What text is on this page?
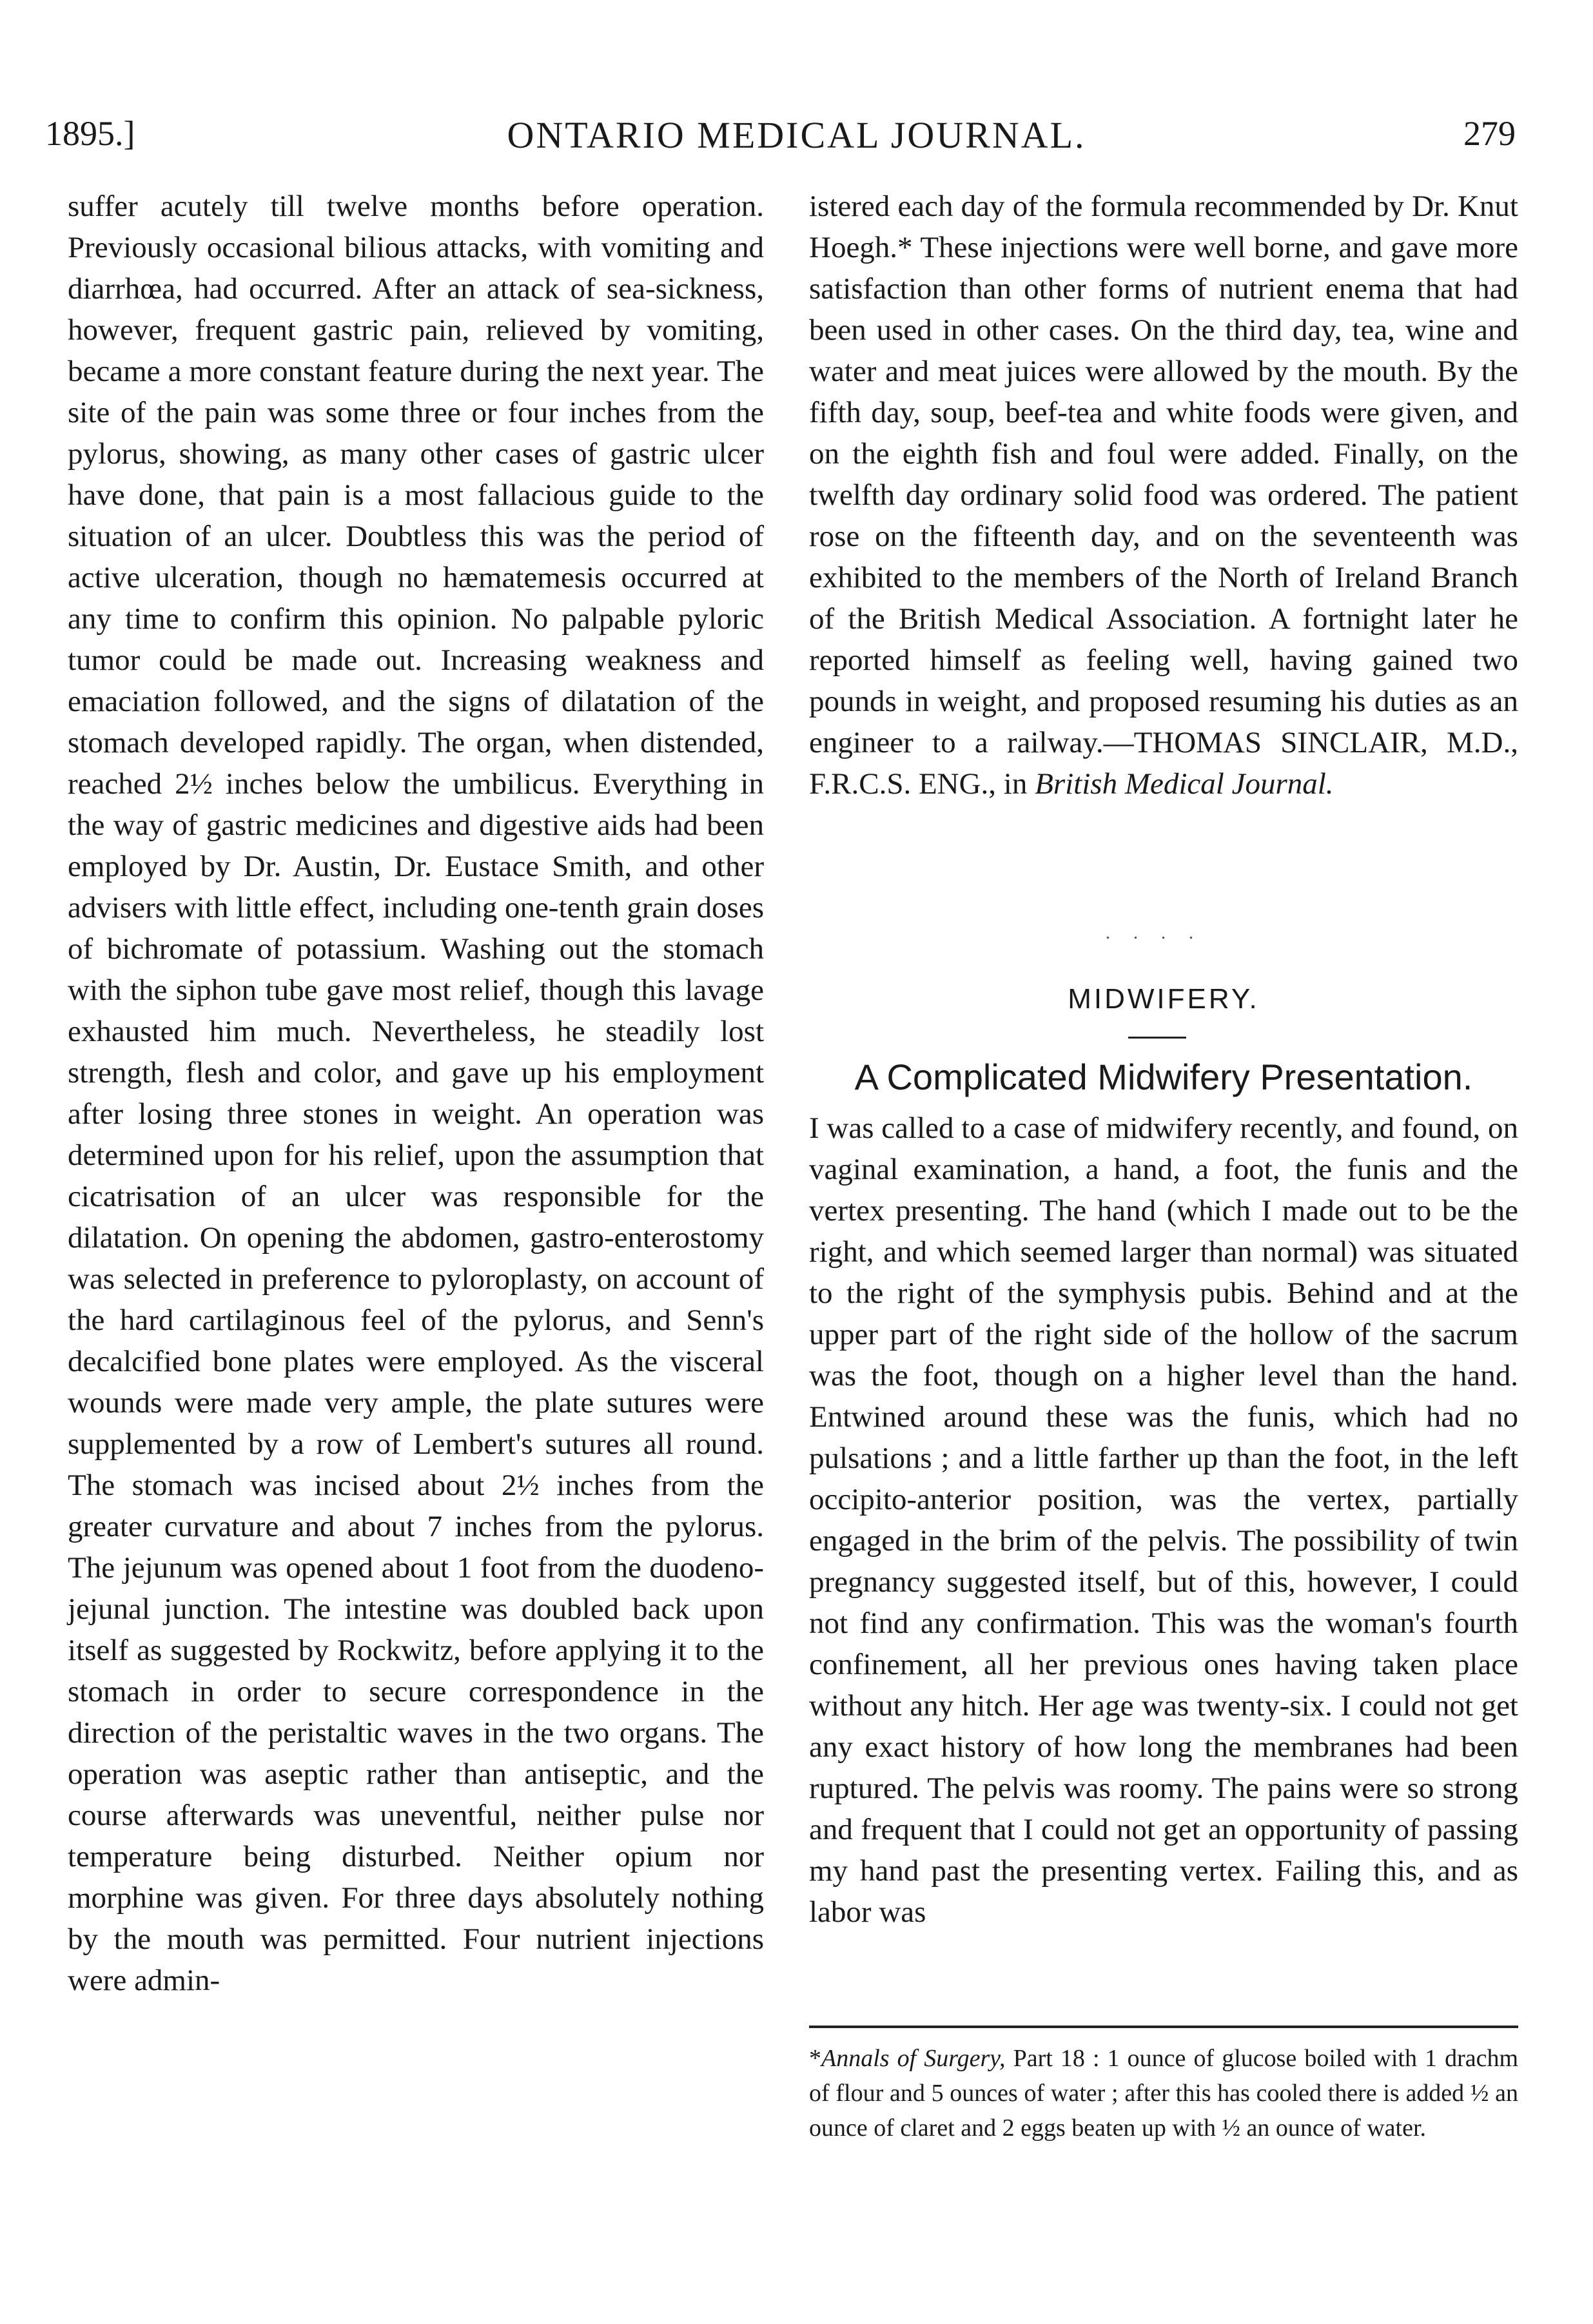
1895.]	ONTARIO MEDICAL JOURNAL.	279

suffer acutely till twelve months before operation. Previously occasional bilious attacks, with vomiting and diarrhœa, had occurred. After an attack of sea-sickness, however, frequent gastric pain, relieved by vomiting, became a more constant feature during the next year. The site of the pain was some three or four inches from the pylorus, showing, as many other cases of gastric ulcer have done, that pain is a most fallacious guide to the situation of an ulcer. Doubtless this was the period of active ulceration, though no hæmatemesis occurred at any time to confirm this opinion. No palpable pyloric tumor could be made out. Increasing weakness and emaciation followed, and the signs of dilatation of the stomach developed rapidly. The organ, when distended, reached 2½ inches below the umbilicus. Everything in the way of gastric medicines and digestive aids had been employed by Dr. Austin, Dr. Eustace Smith, and other advisers with little effect, including one-tenth grain doses of bichromate of potassium. Washing out the stomach with the siphon tube gave most relief, though this lavage exhausted him much. Nevertheless, he steadily lost strength, flesh and color, and gave up his employment after losing three stones in weight. An operation was determined upon for his relief, upon the assumption that cicatrisation of an ulcer was responsible for the dilatation. On opening the abdomen, gastro-enterostomy was selected in preference to pyloroplasty, on account of the hard cartilaginous feel of the pylorus, and Senn's decalcified bone plates were employed. As the visceral wounds were made very ample, the plate sutures were supplemented by a row of Lembert's sutures all round. The stomach was incised about 2½ inches from the greater curvature and about 7 inches from the pylorus. The jejunum was opened about 1 foot from the duodeno-jejunal junction. The intestine was doubled back upon itself as suggested by Rockwitz, before applying it to the stomach in order to secure correspondence in the direction of the peristaltic waves in the two organs. The operation was aseptic rather than antiseptic, and the course afterwards was uneventful, neither pulse nor temperature being disturbed. Neither opium nor morphine was given. For three days absolutely nothing by the mouth was permitted. Four nutrient injections were admin-

istered each day of the formula recommended by Dr. Knut Hoegh.* These injections were well borne, and gave more satisfaction than other forms of nutrient enema that had been used in other cases. On the third day, tea, wine and water and meat juices were allowed by the mouth. By the fifth day, soup, beef-tea and white foods were given, and on the eighth fish and foul were added. Finally, on the twelfth day ordinary solid food was ordered. The patient rose on the fifteenth day, and on the seventeenth was exhibited to the members of the North of Ireland Branch of the British Medical Association. A fortnight later he reported himself as feeling well, having gained two pounds in weight, and proposed resuming his duties as an engineer to a railway.—THOMAS SINCLAIR, M.D., F.R.C.S. ENG., in British Medical Journal.

. . . .
MIDWIFERY.
A Complicated Midwifery Presentation.

I was called to a case of midwifery recently, and found, on vaginal examination, a hand, a foot, the funis and the vertex presenting. The hand (which I made out to be the right, and which seemed larger than normal) was situated to the right of the symphysis pubis. Behind and at the upper part of the right side of the hollow of the sacrum was the foot, though on a higher level than the hand. Entwined around these was the funis, which had no pulsations ; and a little farther up than the foot, in the left occipito-anterior position, was the vertex, partially engaged in the brim of the pelvis. The possibility of twin pregnancy suggested itself, but of this, however, I could not find any confirmation. This was the woman's fourth confinement, all her previous ones having taken place without any hitch. Her age was twenty-six. I could not get any exact history of how long the membranes had been ruptured. The pelvis was roomy. The pains were so strong and frequent that I could not get an opportunity of passing my hand past the presenting vertex. Failing this, and as labor was

*Annals of Surgery, Part 18 : 1 ounce of glucose boiled with 1 drachm of flour and 5 ounces of water ; after this has cooled there is added ½ an ounce of claret and 2 eggs beaten up with ½ an ounce of water.
